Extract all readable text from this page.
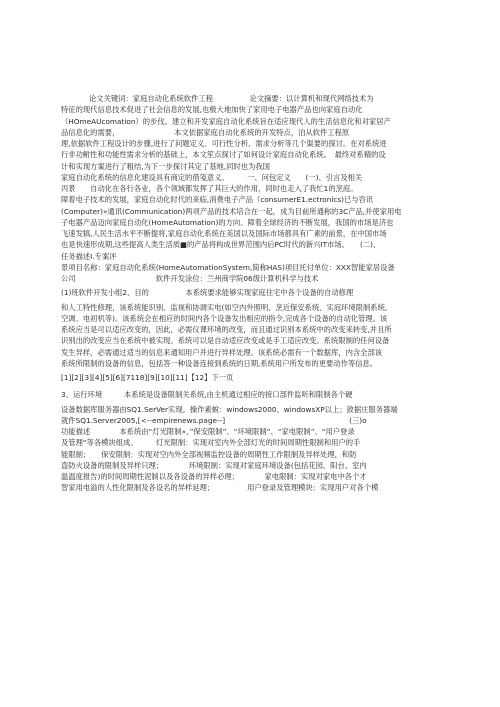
论文关键词：家庭自动化系统软件工程　　　　　论文摘要：以计算机和现代网络技术为
特征的现代信息技术促进了社会信息的发展,也极大地加快了家用电子电器产品也向家庭自动化
（HOmeAUcomation）的步伐。建立和开发家庭自动化系统旨在适应现代人的生活信息化和对家居产
品信息化的需要，　　　　　　　　本文依据家庭自动化系统的开发特点，泊从软件工程原
理,依据软件工程设计的步骤,进行了问题定义、可行性分析、需求分析等几个渠要的探讨。在对系统进
行非功鲋性和功能性需求分析的基础上，本文笙点探讨了如何设计家庭自动化系统。　最终对系精的设
计和实现方案进行了粗结,为下一步探讨其定了基地,同时也为我国
家庭自动化系统的信息化建设具有商定的借笺意义。　　　一、问包定义　　(一)、引言及相关
丙景　　自动化在各行各业，各个领域都发挥了其巨大的作用，同时也走入了我忙1的烹庭。
障着电子技术的发展，家庭自动化时代的来临,消费电子产品（consumerE1.ectronics)已与咨讯
(Computer)»通讯(Communication)两项产品的技术培合在一起，成为目前所通称的3C产品,并使家用电
子电器产品迈向家庭自动化(HomeAutomation)的方向。障着全球经济的不断发展，我国的市场是济也
飞速发犒,人民生活水平不断提将,家庭自动化系统在美国以及国际市场都具有广素的前景，在中国市场
也是快速形成期,这些提高人类生活质■的产品将构成世界范围内后PC时代的新兴IT市场。　　(二)、
任务描述I.专案评
景项目名称：家庭自动化系统(HomeAutomationSystem,简称HAS)项目托付单位：XXX智能家居设备
公司　　　　　　　　　　　软件开发涂位：兰州商学院06级计算机科学与技术
(1)班软件开发小组2、目的　　　　　本系统要求能够实现家庭住宅中各个设备的自动修理
和人工特性修理，该系统能识别、监视和协调实电(如空内外照明、烹近保安系统、实庭环境限制系统,
空调、电初机等)。该系统会在相应的时间内各个设备发出相应的指令,完成各个设备的自动化管理。该
系统应当是可以适应改变的，因此，必需仪课环境的改变，而且通过识别本系统中的改变来转变,并且所
识别出的改变应当在系统中被实现。系统可以是自动适应改变或是手工适应改变。系统限制的任何设备
发生异样，必需通过适当的信息来通知用户并进行异样处理。该系统必需有一个数据库，内含全部该
系统所限制的设备的信息，包括答一种设备连接到系统的日期,系统用户所发布的更要动作等信息。
[1][2][3][4][5][6][7118][9][10][11]【12】下一页
3、运行环境　　　本系统是设备限制关系统,由主机通过相应的接口部件监听和限制各个硬
设备数据库服务器由SQ1.SerVer实现。操作素蛻：windows2000、windowsXP以上；敛据庄服务器端
就件SQ1.Server2005,[<--empirenews.page--]　　　　　　　　　　　　　　　　　(三)o
功能描述　　　　本系统由“灯光限制»、”保安限制”、“环境限制”、“家电限制”、“用户登录
及管理“等各模块组成。　　　灯光限制：实现对室内外全部灯光的时间周期性限制和用户的手
能限制；　　保安限制：实现对空内外全部视频监控设备的周期性工作限制及异样处理，和防
盗防火设备的限制及异样只理；　　　　环境限制：实现对家庭环境设备(包括花园、阳台、室内
温温度报告)的时间周期性泥制以及各设备的异样必理；　　　　家电限制：实现对家电中各个才
智家用电溢的人性化限制及各设名的异样延理；　　　　　用户登录及管理模块：实现用户对各个模
